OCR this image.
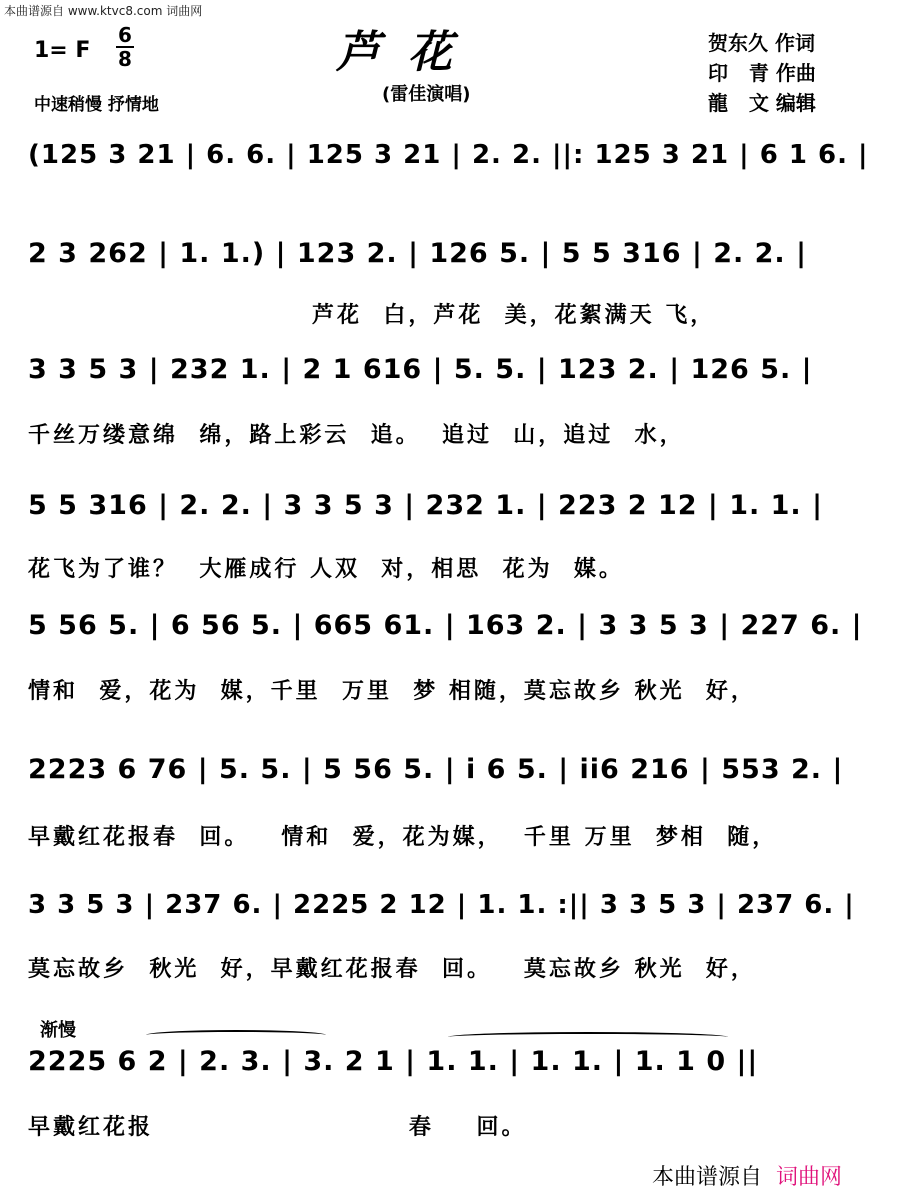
本曲谱源自 www.ktvc8.com 词曲网
芦花
(雷佳演唱)
1= F
6
8
中速稍慢 抒情地
贺东久 作词
印   青 作曲
龍   文 编辑
(125 3 21 | 6. 6. | 125 3 21 | 2. 2. ||: 125 3 21 | 6 1 6. |
2 3 262 | 1. 1.) | 123 2. | 126 5. | 5 5 316 | 2. 2. |
芦花  白，芦花  美，花絮满天 飞，
3 3 5 3 | 232 1. | 2 1 616 | 5. 5. | 123 2. | 126 5. |
千丝万缕意绵  绵，路上彩云  追。  追过  山，追过  水，
5 5 316 | 2. 2. | 3 3 5 3 | 232 1. | 223 2 12 | 1. 1. |
花飞为了谁？  大雁成行 人双  对，相思  花为  媒。
5 56 5. | 6 56 5. | 665 61. | 163 2. | 3 3 5 3 | 227 6. |
情和  爱，花为  媒，千里  万里  梦 相随，莫忘故乡 秋光  好，
2223 6 76 | 5. 5. | 5 56 5. | i 6 5. | ii6 216 | 553 2. |
早戴红花报春  回。   情和  爱，花为媒，  千里 万里  梦相  随，
3 3 5 3 | 237 6. | 2225 2 12 | 1. 1. :|| 3 3 5 3 | 237 6. |
莫忘故乡  秋光  好，早戴红花报春  回。   莫忘故乡 秋光  好，
渐慢
2225 6 2 | 2. 3. | 3. 2 1 | 1. 1. | 1. 1. | 1. 1 0 ||
早戴红花报                        春    回。
本曲谱源自 词曲网
